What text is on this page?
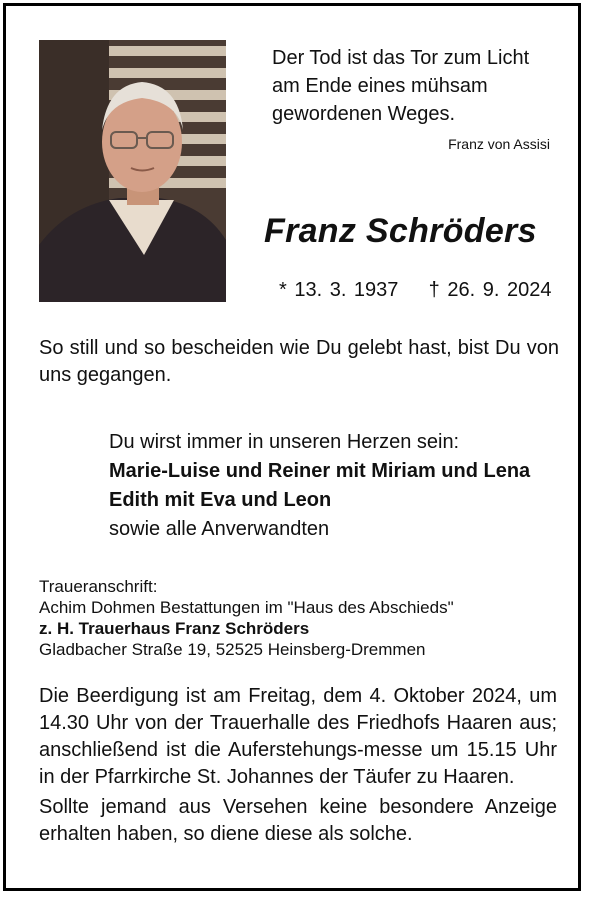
Der Tod ist das Tor zum Licht
am Ende eines mühsam
gewordenen Weges.
Franz von Assisi
Franz Schröders
* 13. 3. 1937 † 26. 9. 2024
So still und so bescheiden wie Du gelebt hast, bist Du von uns gegangen.
Du wirst immer in unseren Herzen sein:
Marie-Luise und Reiner mit Miriam und Lena
Edith mit Eva und Leon
sowie alle Anverwandten
Traueranschrift:
Achim Dohmen Bestattungen im "Haus des Abschieds"
z. H. Trauerhaus Franz Schröders
Gladbacher Straße 19, 52525 Heinsberg-Dremmen

Die Beerdigung ist am Freitag, dem 4. Oktober 2024, um 14.30 Uhr von der Trauerhalle des Friedhofs Haaren aus; anschließend ist die Auferstehungs-messe um 15.15 Uhr in der Pfarrkirche St. Johannes der Täufer zu Haaren.

Sollte jemand aus Versehen keine besondere Anzeige erhalten haben, so diene diese als solche.
